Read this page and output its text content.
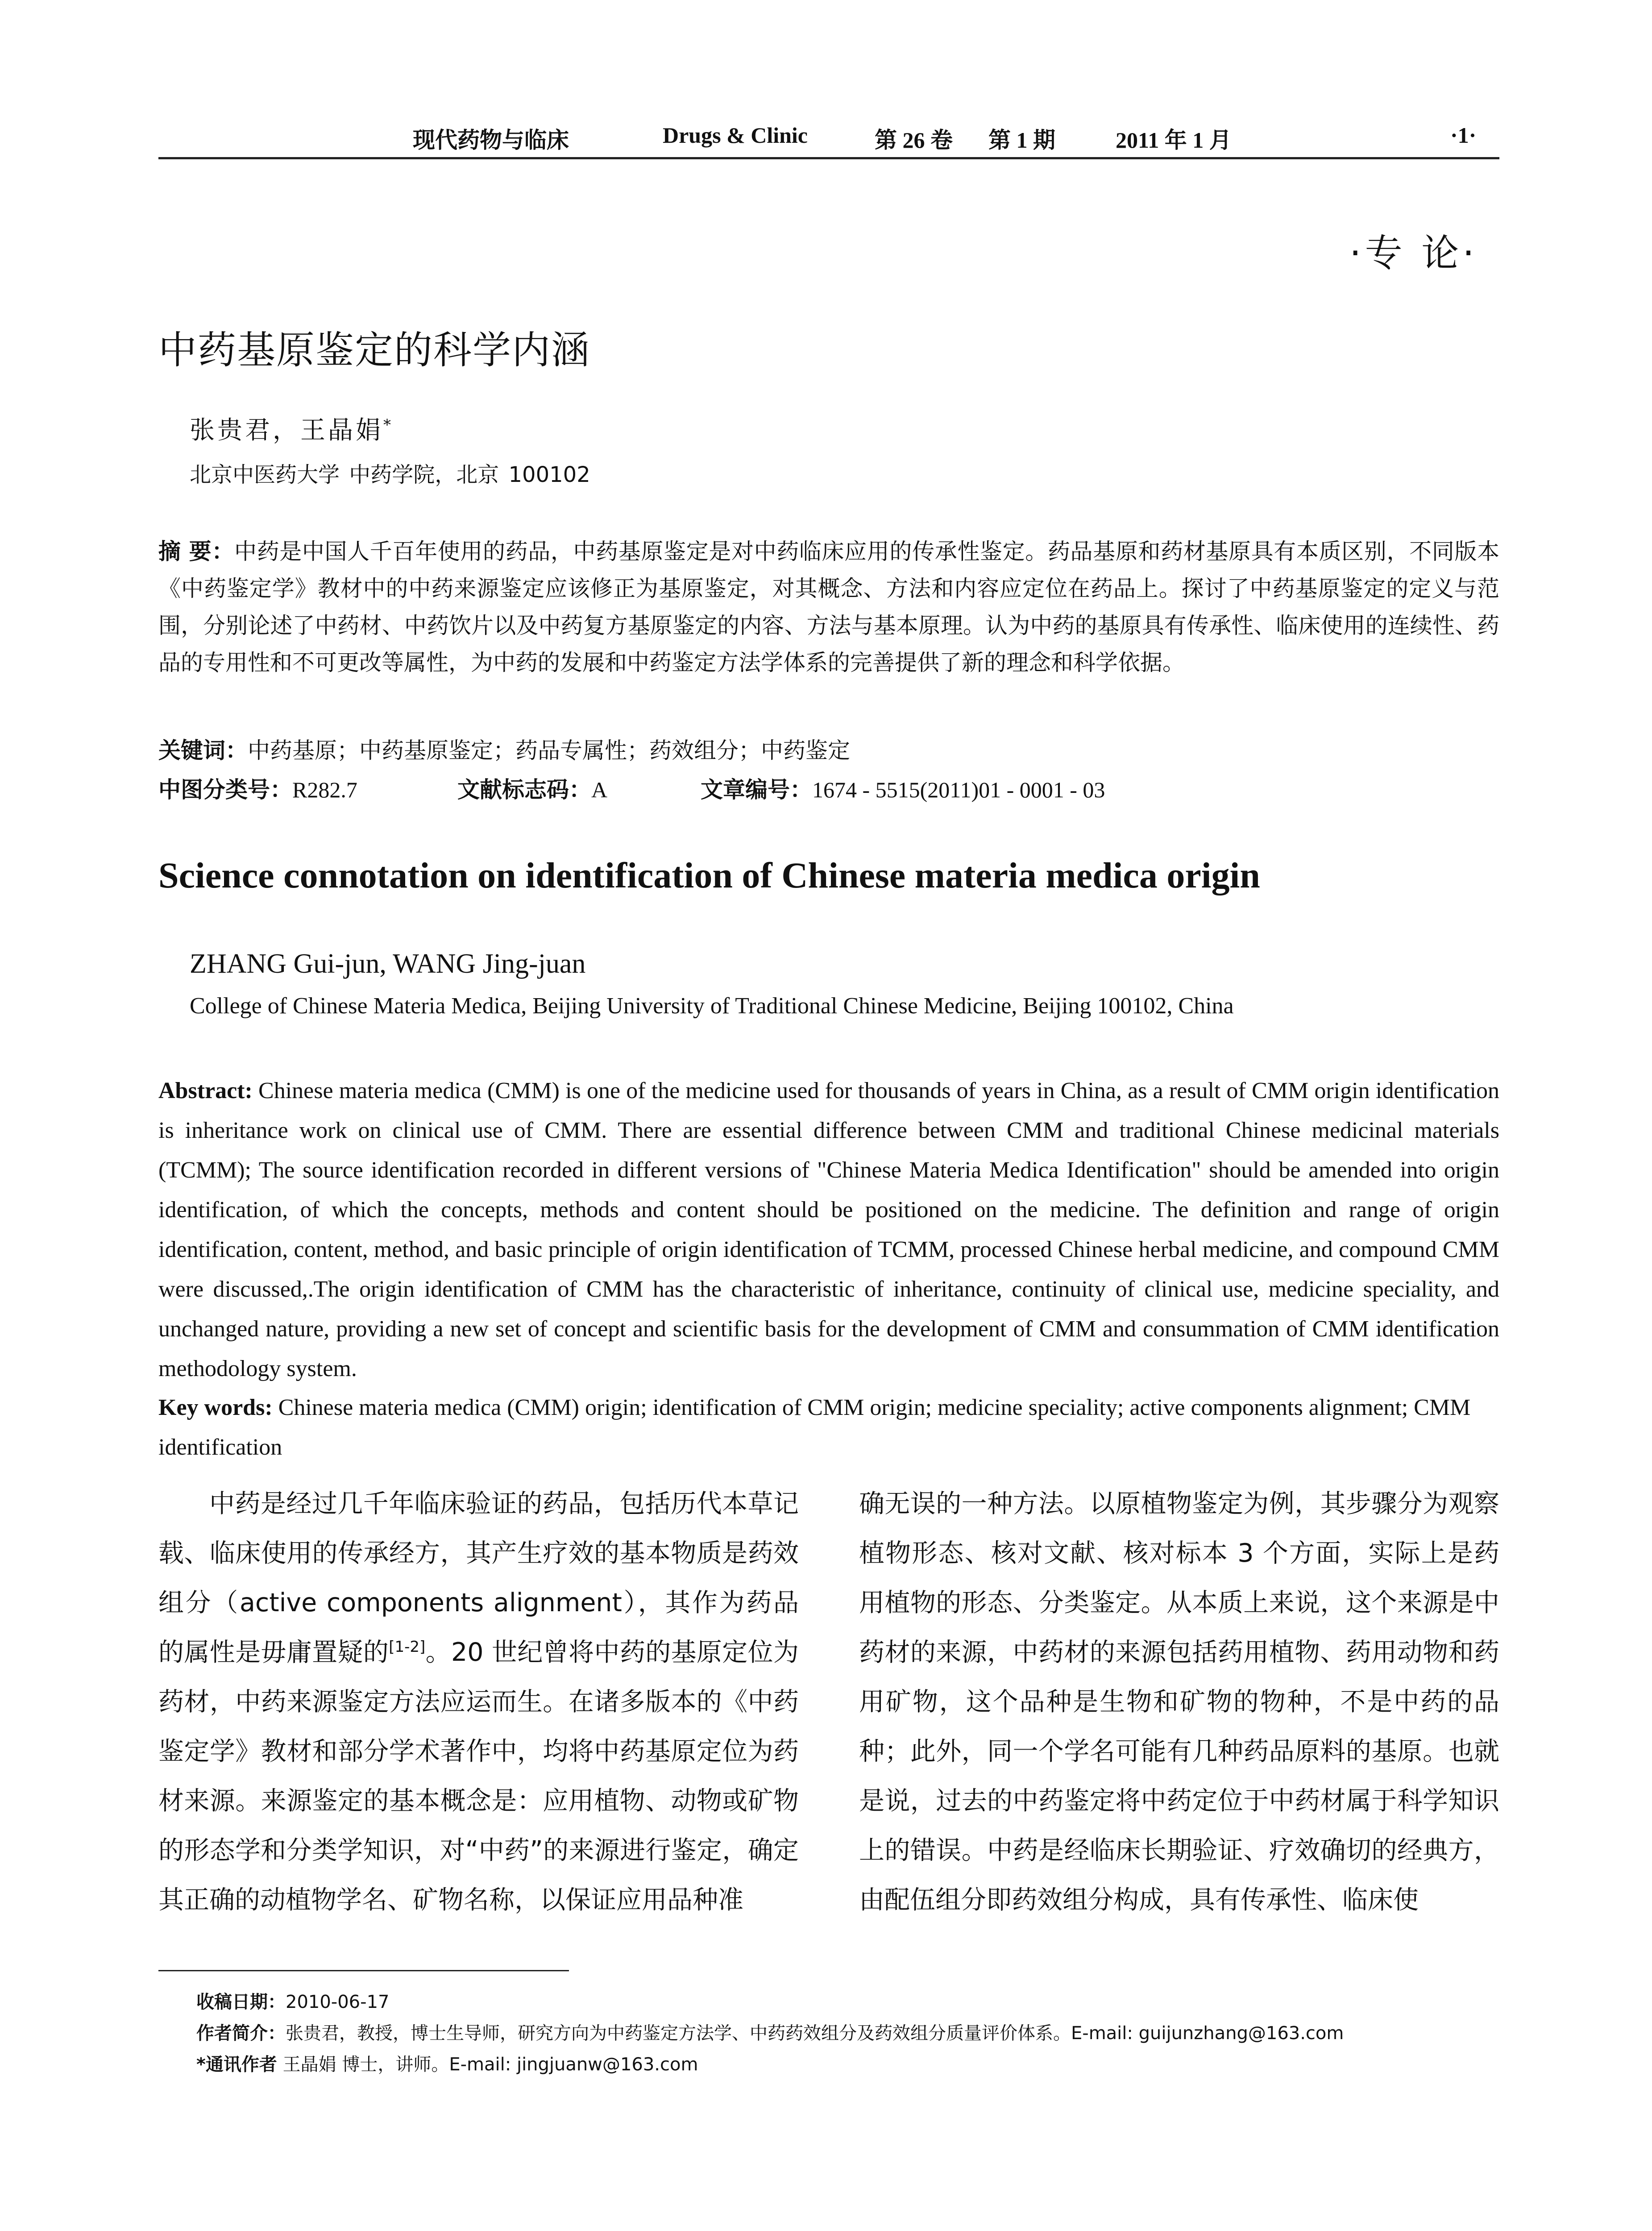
现代药物与临床	Drugs & Clinic	第 26 卷 第 1 期	2011 年 1 月	·1·
·专 论·
中药基原鉴定的科学内涵
张贵君，王晶娟*
北京中医药大学 中药学院，北京 100102
摘 要：中药是中国人千百年使用的药品，中药基原鉴定是对中药临床应用的传承性鉴定。药品基原和药材基原具有本质区别，不同版本《中药鉴定学》教材中的中药来源鉴定应该修正为基原鉴定，对其概念、方法和内容应定位在药品上。探讨了中药基原鉴定的定义与范围，分别论述了中药材、中药饮片以及中药复方基原鉴定的内容、方法与基本原理。认为中药的基原具有传承性、临床使用的连续性、药品的专用性和不可更改等属性，为中药的发展和中药鉴定方法学体系的完善提供了新的理念和科学依据。
关键词：中药基原；中药基原鉴定；药品专属性；药效组分；中药鉴定
中图分类号：R282.7	文献标志码：A	文章编号：1674 - 5515(2011)01 - 0001 - 03
Science connotation on identification of Chinese materia medica origin
ZHANG Gui-jun, WANG Jing-juan
College of Chinese Materia Medica, Beijing University of Traditional Chinese Medicine, Beijing 100102, China
Abstract: Chinese materia medica (CMM) is one of the medicine used for thousands of years in China, as a result of CMM origin identification is inheritance work on clinical use of CMM. There are essential difference between CMM and traditional Chinese medicinal materials (TCMM); The source identification recorded in different versions of "Chinese Materia Medica Identification" should be amended into origin identification, of which the concepts, methods and content should be positioned on the medicine. The definition and range of origin identification, content, method, and basic principle of origin identification of TCMM, processed Chinese herbal medicine, and compound CMM were discussed,.The origin identification of CMM has the characteristic of inheritance, continuity of clinical use, medicine speciality, and unchanged nature, providing a new set of concept and scientific basis for the development of CMM and consummation of CMM identification methodology system.
Key words: Chinese materia medica (CMM) origin; identification of CMM origin; medicine speciality; active components alignment; CMM identification
中药是经过几千年临床验证的药品，包括历代本草记载、临床使用的传承经方，其产生疗效的基本物质是药效组分（active components alignment），其作为药品的属性是毋庸置疑的[1-2]。20 世纪曾将中药的基原定位为药材，中药来源鉴定方法应运而生。在诸多版本的《中药鉴定学》教材和部分学术著作中，均将中药基原定位为药材来源。来源鉴定的基本概念是：应用植物、动物或矿物的形态学和分类学知识，对“中药”的来源进行鉴定，确定其正确的动植物学名、矿物名称，以保证应用品种准
确无误的一种方法。以原植物鉴定为例，其步骤分为观察植物形态、核对文献、核对标本 3 个方面，实际上是药用植物的形态、分类鉴定。从本质上来说，这个来源是中药材的来源，中药材的来源包括药用植物、药用动物和药用矿物，这个品种是生物和矿物的物种，不是中药的品种；此外，同一个学名可能有几种药品原料的基原。也就是说，过去的中药鉴定将中药定位于中药材属于科学知识上的错误。中药是经临床长期验证、疗效确切的经典方，由配伍组分即药效组分构成，具有传承性、临床使
收稿日期：2010-06-17
作者简介：张贵君，教授，博士生导师，研究方向为中药鉴定方法学、中药药效组分及药效组分质量评价体系。E-mail: guijunzhang@163.com
*通讯作者 王晶娟 博士，讲师。E-mail: jingjuanw@163.com
